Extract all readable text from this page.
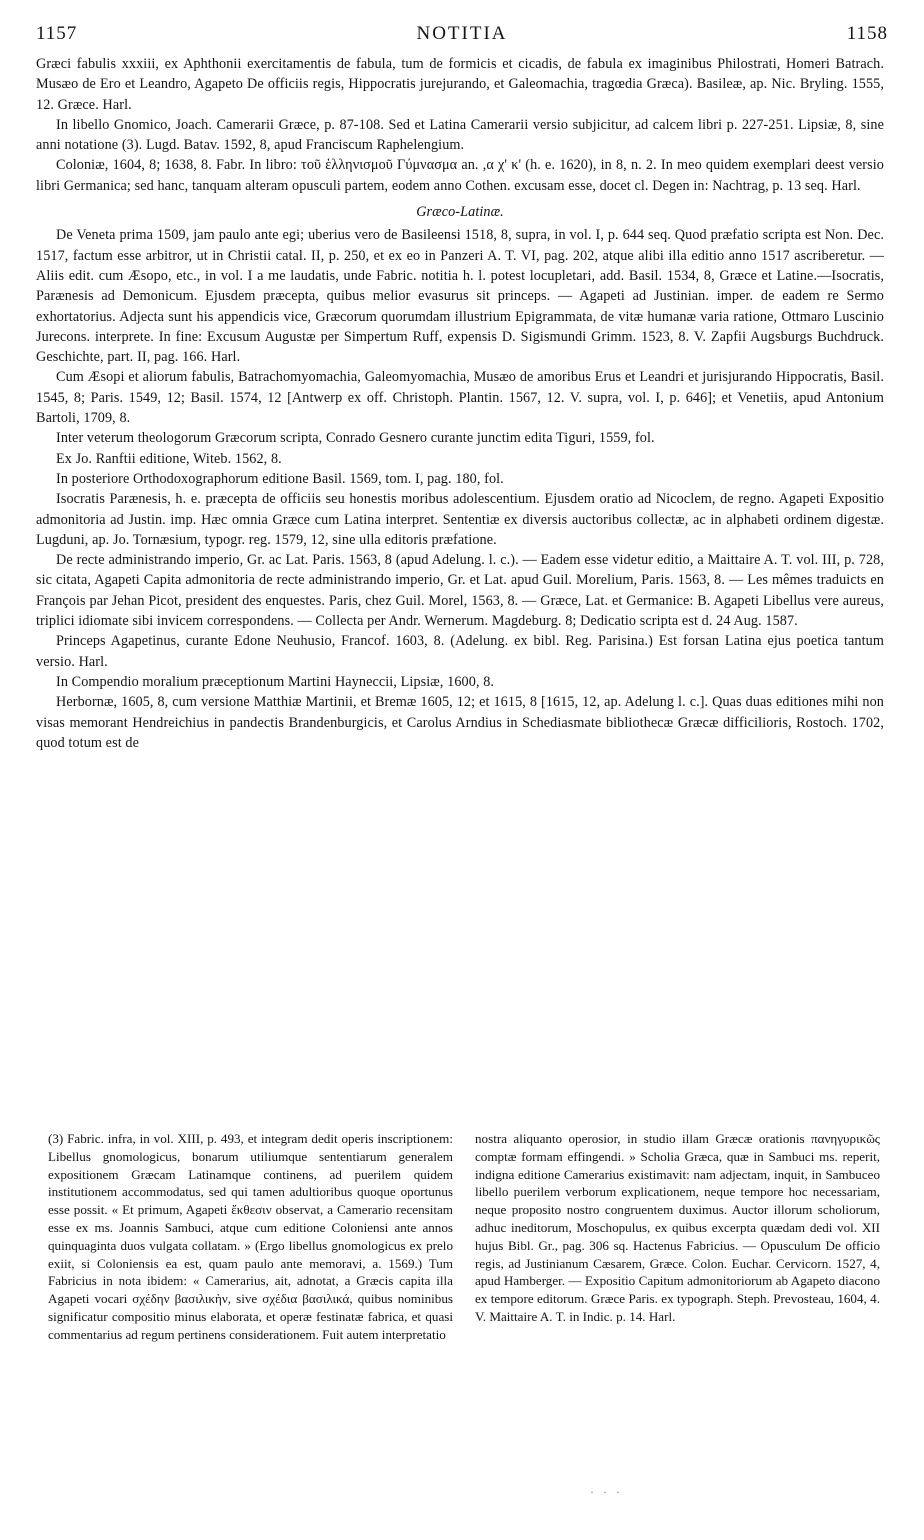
1157	NOTITIA	1158

Græci fabulis xxxiii, ex Aphthonii exercitamentis de fabula, tum de formicis et cicadis, de fabula ex imaginibus Philostrati, Homeri Batrach. Musæo de Ero et Leandro, Agapeto De officiis regis, Hippocratis jurejurando, et Galeomachia, tragœdia Græca). Basileæ, ap. Nic. Bryling. 1555, 12. Græce. Harl.

In libello Gnomico, Joach. Camerarii Græce, p. 87-108. Sed et Latina Camerarii versio subjicitur, ad calcem libri p. 227-251. Lipsiæ, 8, sine anni notatione (3). Lugd. Batav. 1592, 8, apud Franciscum Raphelengium.

Coloniæ, 1604, 8; 1638, 8. Fabr. In libro: τοῦ ἑλληνισμοῦ Γύμνασμα an. ,α χ' κ' (h. e. 1620), in 8, n. 2. In meo quidem exemplari deest versio libri Germanica; sed hanc, tanquam alteram opusculi partem, eodem anno Cothen. excusam esse, docet cl. Degen in: Nachtrag, p. 13 seq. Harl.

Græco-Latinæ.

De Veneta prima 1509, jam paulo ante egi; uberius vero de Basileensi 1518, 8, supra, in vol. I, p. 644 seq. Quod præfatio scripta est Non. Dec. 1517, factum esse arbitror, ut in Christii catal. II, p. 250, et ex eo in Panzeri A. T. VI, pag. 202, atque alibi illa editio anno 1517 ascriberetur. — Aliis edit. cum Æsopo, etc., in vol. I a me laudatis, unde Fabric. notitia h. l. potest locupletari, add. Basil. 1534, 8, Græce et Latine.—Isocratis, Parænesis ad Demonicum. Ejusdem præcepta, quibus melior evasurus sit princeps. — Agapeti ad Justinian. imper. de eadem re Sermo exhortatorius. Adjecta sunt his appendicis vice, Græcorum quorumdam illustrium Epigrammata, de vitæ humanæ varia ratione, Ottmaro Luscinio Jurecons. interprete. In fine: Excusum Augustæ per Simpertum Ruff, expensis D. Sigismundi Grimm. 1523, 8. V. Zapfii Augsburgs Buchdruck. Geschichte, part. II, pag. 166. Harl.

Cum Æsopi et aliorum fabulis, Batrachomyomachia, Galeomyomachia, Musæo de amoribus Erus et Leandri et jurisjurando Hippocratis, Basil. 1545, 8; Paris. 1549, 12; Basil. 1574, 12 [Antwerp ex off. Christoph. Plantin. 1567, 12. V. supra, vol. I, p. 646]; et Venetiis, apud Antonium Bartoli, 1709, 8.

Inter veterum theologorum Græcorum scripta, Conrado Gesnero curante junctim edita Tiguri, 1559, fol.

Ex Jo. Ranftii editione, Witeb. 1562, 8.

In posteriore Orthodoxographorum editione Basil. 1569, tom. I, pag. 180, fol.

Isocratis Parænesis, h. e. præcepta de officiis seu honestis moribus adolescentium. Ejusdem oratio ad Nicoclem, de regno. Agapeti Expositio admonitoria ad Justin. imp. Hæc omnia Græce cum Latina interpret. Sententiæ ex diversis auctoribus collectæ, ac in alphabeti ordinem digestæ. Lugduni, ap. Jo. Tornæsium, typogr. reg. 1579, 12, sine ulla editoris præfatione.

De recte administrando imperio, Gr. ac Lat. Paris. 1563, 8 (apud Adelung. l. c.). — Eadem esse videtur editio, a Maittaire A. T. vol. III, p. 728, sic citata, Agapeti Capita admonitoria de recte administrando imperio, Gr. et Lat. apud Guil. Morelium, Paris. 1563, 8. — Les mêmes traduicts en François par Jehan Picot, president des enquestes. Paris, chez Guil. Morel, 1563, 8. — Græce, Lat. et Germanice: B. Agapeti Libellus vere aureus, triplici idiomate sibi invicem correspondens. — Collecta per Andr. Wernerum. Magdeburg. 8; Dedicatio scripta est d. 24 Aug. 1587.

Princeps Agapetinus, curante Edone Neuhusio, Francof. 1603, 8. (Adelung. ex bibl. Reg. Parisina.) Est forsan Latina ejus poetica tantum versio. Harl.

In Compendio moralium præceptionum Martini Hayneccii, Lipsiæ, 1600, 8.

Herbornæ, 1605, 8, cum versione Matthiæ Martinii, et Bremæ 1605, 12; et 1615, 8 [1615, 12, ap. Adelung l. c.]. Quas duas editiones mihi non visas memorant Hendreichius in pandectis Brandenburgicis, et Carolus Arndius in Schediasmate bibliothecæ Græcæ difficilioris, Rostoch. 1702, quod totum est de

(3) Fabric. infra, in vol. XIII, p. 493, et integram dedit operis inscriptionem: Libellus gnomologicus, bonarum utiliumque sententiarum generalem expositionem Græcam Latinamque continens, ad puerilem quidem institutionem accommodatus, sed qui tamen adultioribus quoque oportunus esse possit. « Et primum, Agapeti ἔκθεσιν observat, a Camerario recensitam esse ex ms. Joannis Sambuci, atque cum editione Coloniensi ante annos quinquaginta duos vulgata collatam. » (Ergo libellus gnomologicus ex prelo exiit, si Coloniensis ea est, quam paulo ante memoravi, a. 1569.) Tum Fabricius in nota ibidem: « Camerarius, ait, adnotat, a Græcis capita illa Agapeti vocari σχέδην βασιλικὴν, sive σχέδια βασιλικά, quibus nominibus significatur compositio minus elaborata, et operæ festinatæ fabrica, et quasi commentarius ad regum pertinens considerationem. Fuit autem interpretatio

nostra aliquanto operosior, in studio illam Græcæ orationis πανηγυρικῶς comptæ formam effingendi. » Scholia Græca, quæ in Sambuci ms. reperit, indigna editione Camerarius existimavit: nam adjectam, inquit, in Sambuceo libello puerilem verborum explicationem, neque tempore hoc necessariam, neque proposito nostro congruentem duximus. Auctor illorum scholiorum, adhuc ineditorum, Moschopulus, ex quibus excerpta quædam dedi vol. XII hujus Bibl. Gr., pag. 306 sq. Hactenus Fabricius. — Opusculum De officio regis, ad Justinianum Cæsarem, Græce. Colon. Euchar. Cervicorn. 1527, 4, apud Hamberger. — Expositio Capitum admonitoriorum ab Agapeto diacono ex tempore editorum. Græce Paris. ex typograph. Steph. Prevosteau, 1604, 4. V. Maittaire A. T. in Indic. p. 14. Harl.

· · ·
